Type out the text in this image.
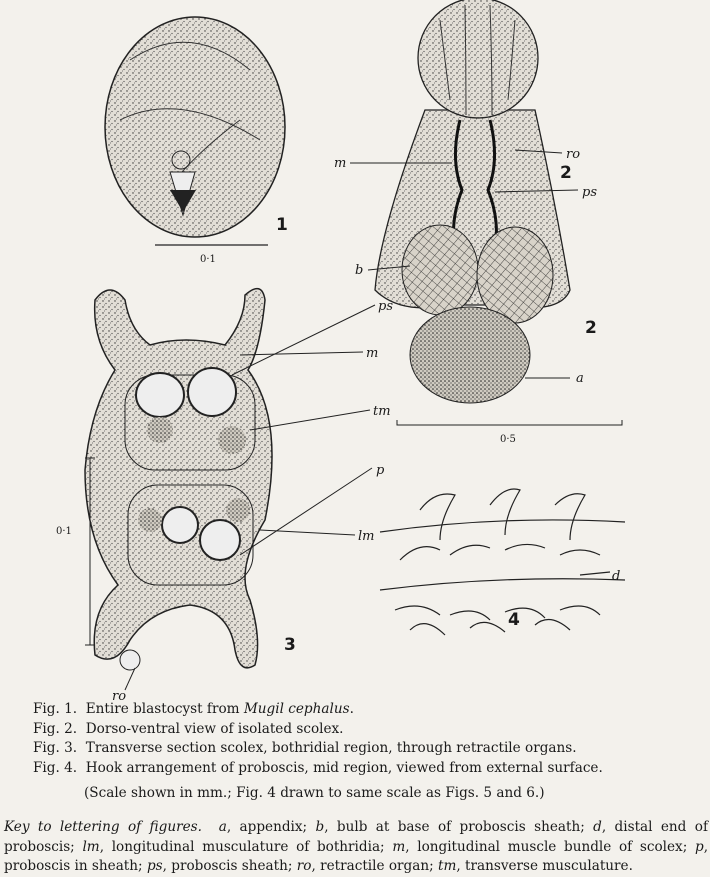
0·1
1
ro
2
m
ps
b
2
a
0·5
ps
m
tm
p
lm
ro
0·1
3
d
4
Fig. 1. Entire blastocyst from Mugil cephalus.
Fig. 2. Dorso-ventral view of isolated scolex.
Fig. 3. Transverse section scolex, bothridial region, through retractile organs.
Fig. 4. Hook arrangement of proboscis, mid region, viewed from external surface.
(Scale shown in mm.; Fig. 4 drawn to same scale as Figs. 5 and 6.)
Key to lettering of figures. a, appendix; b, bulb at base of proboscis sheath; d, distal end of proboscis; lm, longitudinal musculature of bothridia; m, longitudinal muscle bundle of scolex; p, proboscis in sheath; ps, proboscis sheath; ro, retractile organ; tm, transverse musculature.
